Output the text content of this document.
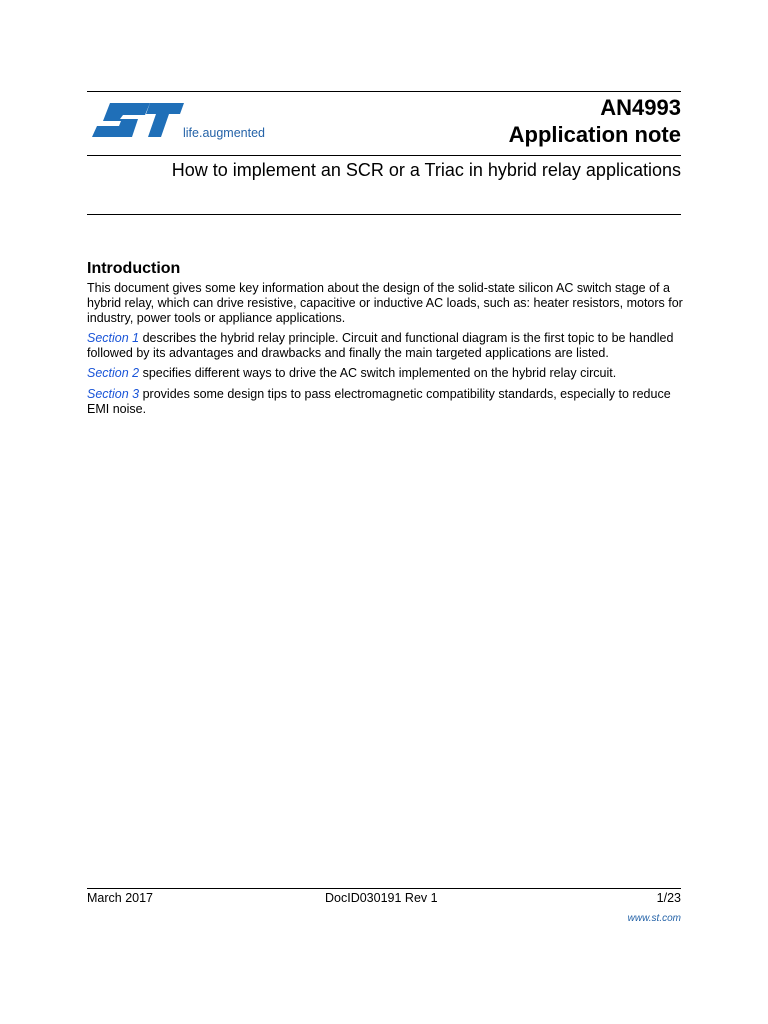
life.augmented
AN4993
Application note
How to implement an SCR or a Triac in hybrid relay applications
Introduction
This document gives some key information about the design of the solid-state silicon AC switch stage of a hybrid relay, which can drive resistive, capacitive or inductive AC loads, such as: heater resistors, motors for industry, power tools or appliance applications.
Section 1 describes the hybrid relay principle. Circuit and functional diagram is the first topic to be handled followed by its advantages and drawbacks and finally the main targeted applications are listed.
Section 2 specifies different ways to drive the AC switch implemented on the hybrid relay circuit.
Section 3 provides some design tips to pass electromagnetic compatibility standards, especially to reduce EMI noise.
March 2017	DocID030191 Rev 1	1/23
www.st.com
